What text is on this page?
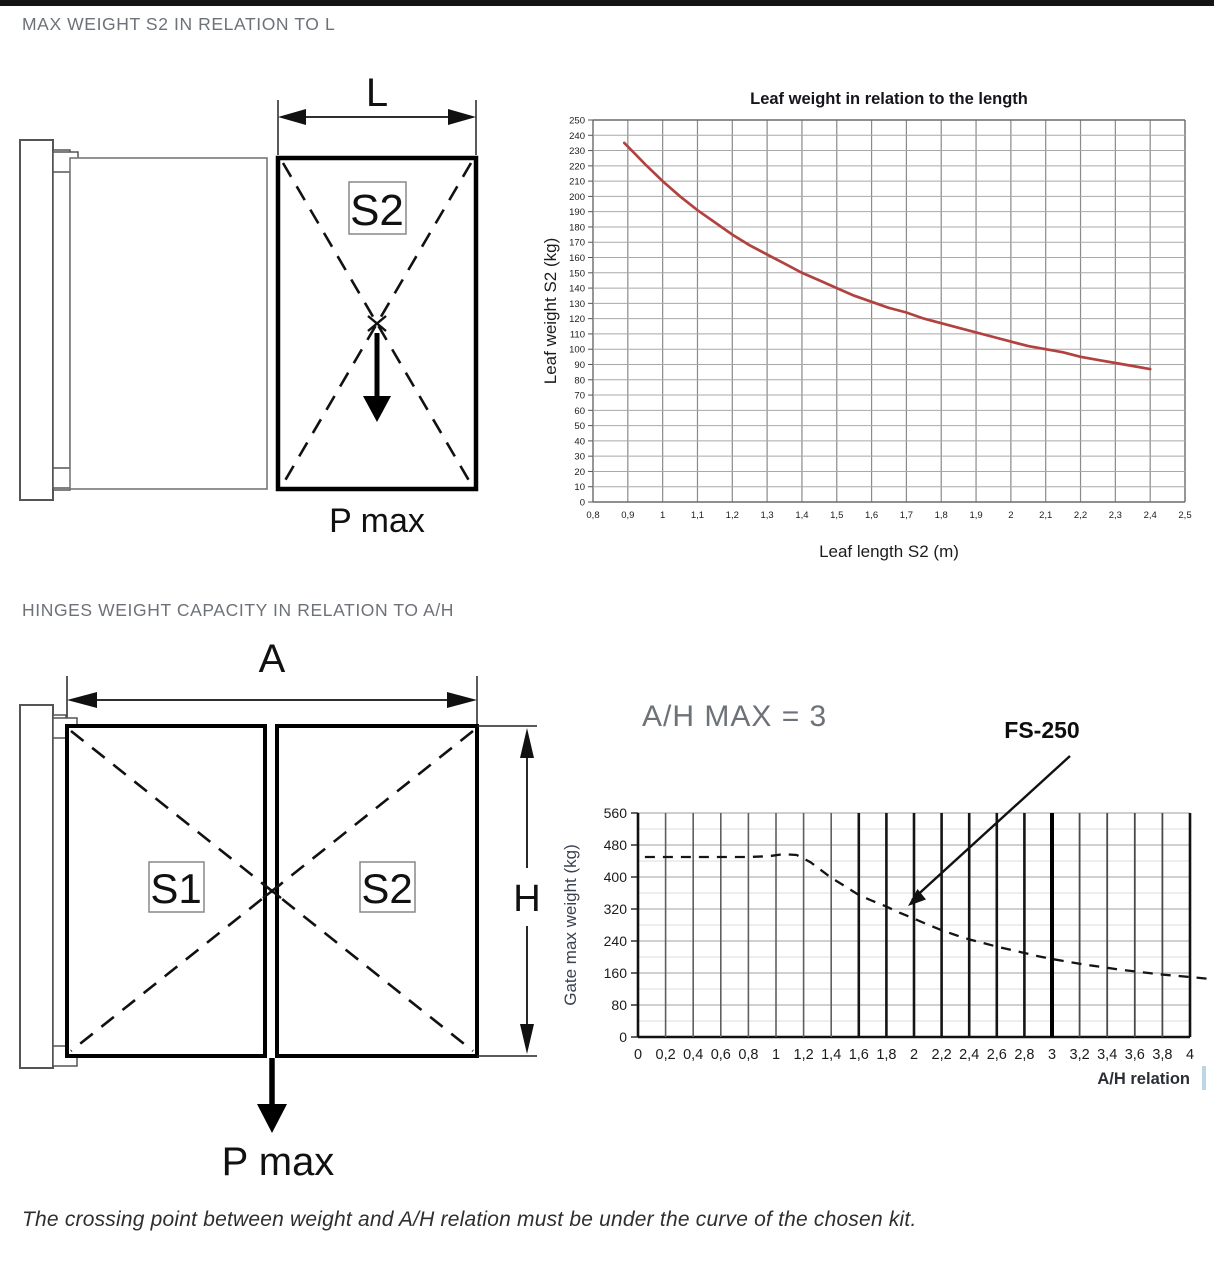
MAX WEIGHT S2 IN RELATION TO L
L
S2
P max	0,8 0,9	1	1,1 1,2 1,3 1,4 1,5 1,6 1,7 1,8 1,9	2	2,1 2,2 2,3 2,4 2,5
0
10
20
30
40
50
60
70
80
90
100
110
120
130
140
150
160
170
180
190
200
210
220
230
240
250
Leaf weight in relation to the length
Leaf length S2 (m)
Leaf weight S2 (kg)
HINGES WEIGHT CAPACITY IN RELATION TO A/H
A
S1	S2	H
P max
0
80
160
240
320
400
480
560
0 0,2 0,4 0,6 0,8 1 1,2 1,4 1,6 1,8 2 2,2 2,4 2,6 2,8 3 3,2 3,4 3,6 3,8 4
A/H MAX = 3	FS-250
A/H relation
Gate max weight (kg)
The crossing point between weight and A/H relation must be under the curve of the chosen kit.
